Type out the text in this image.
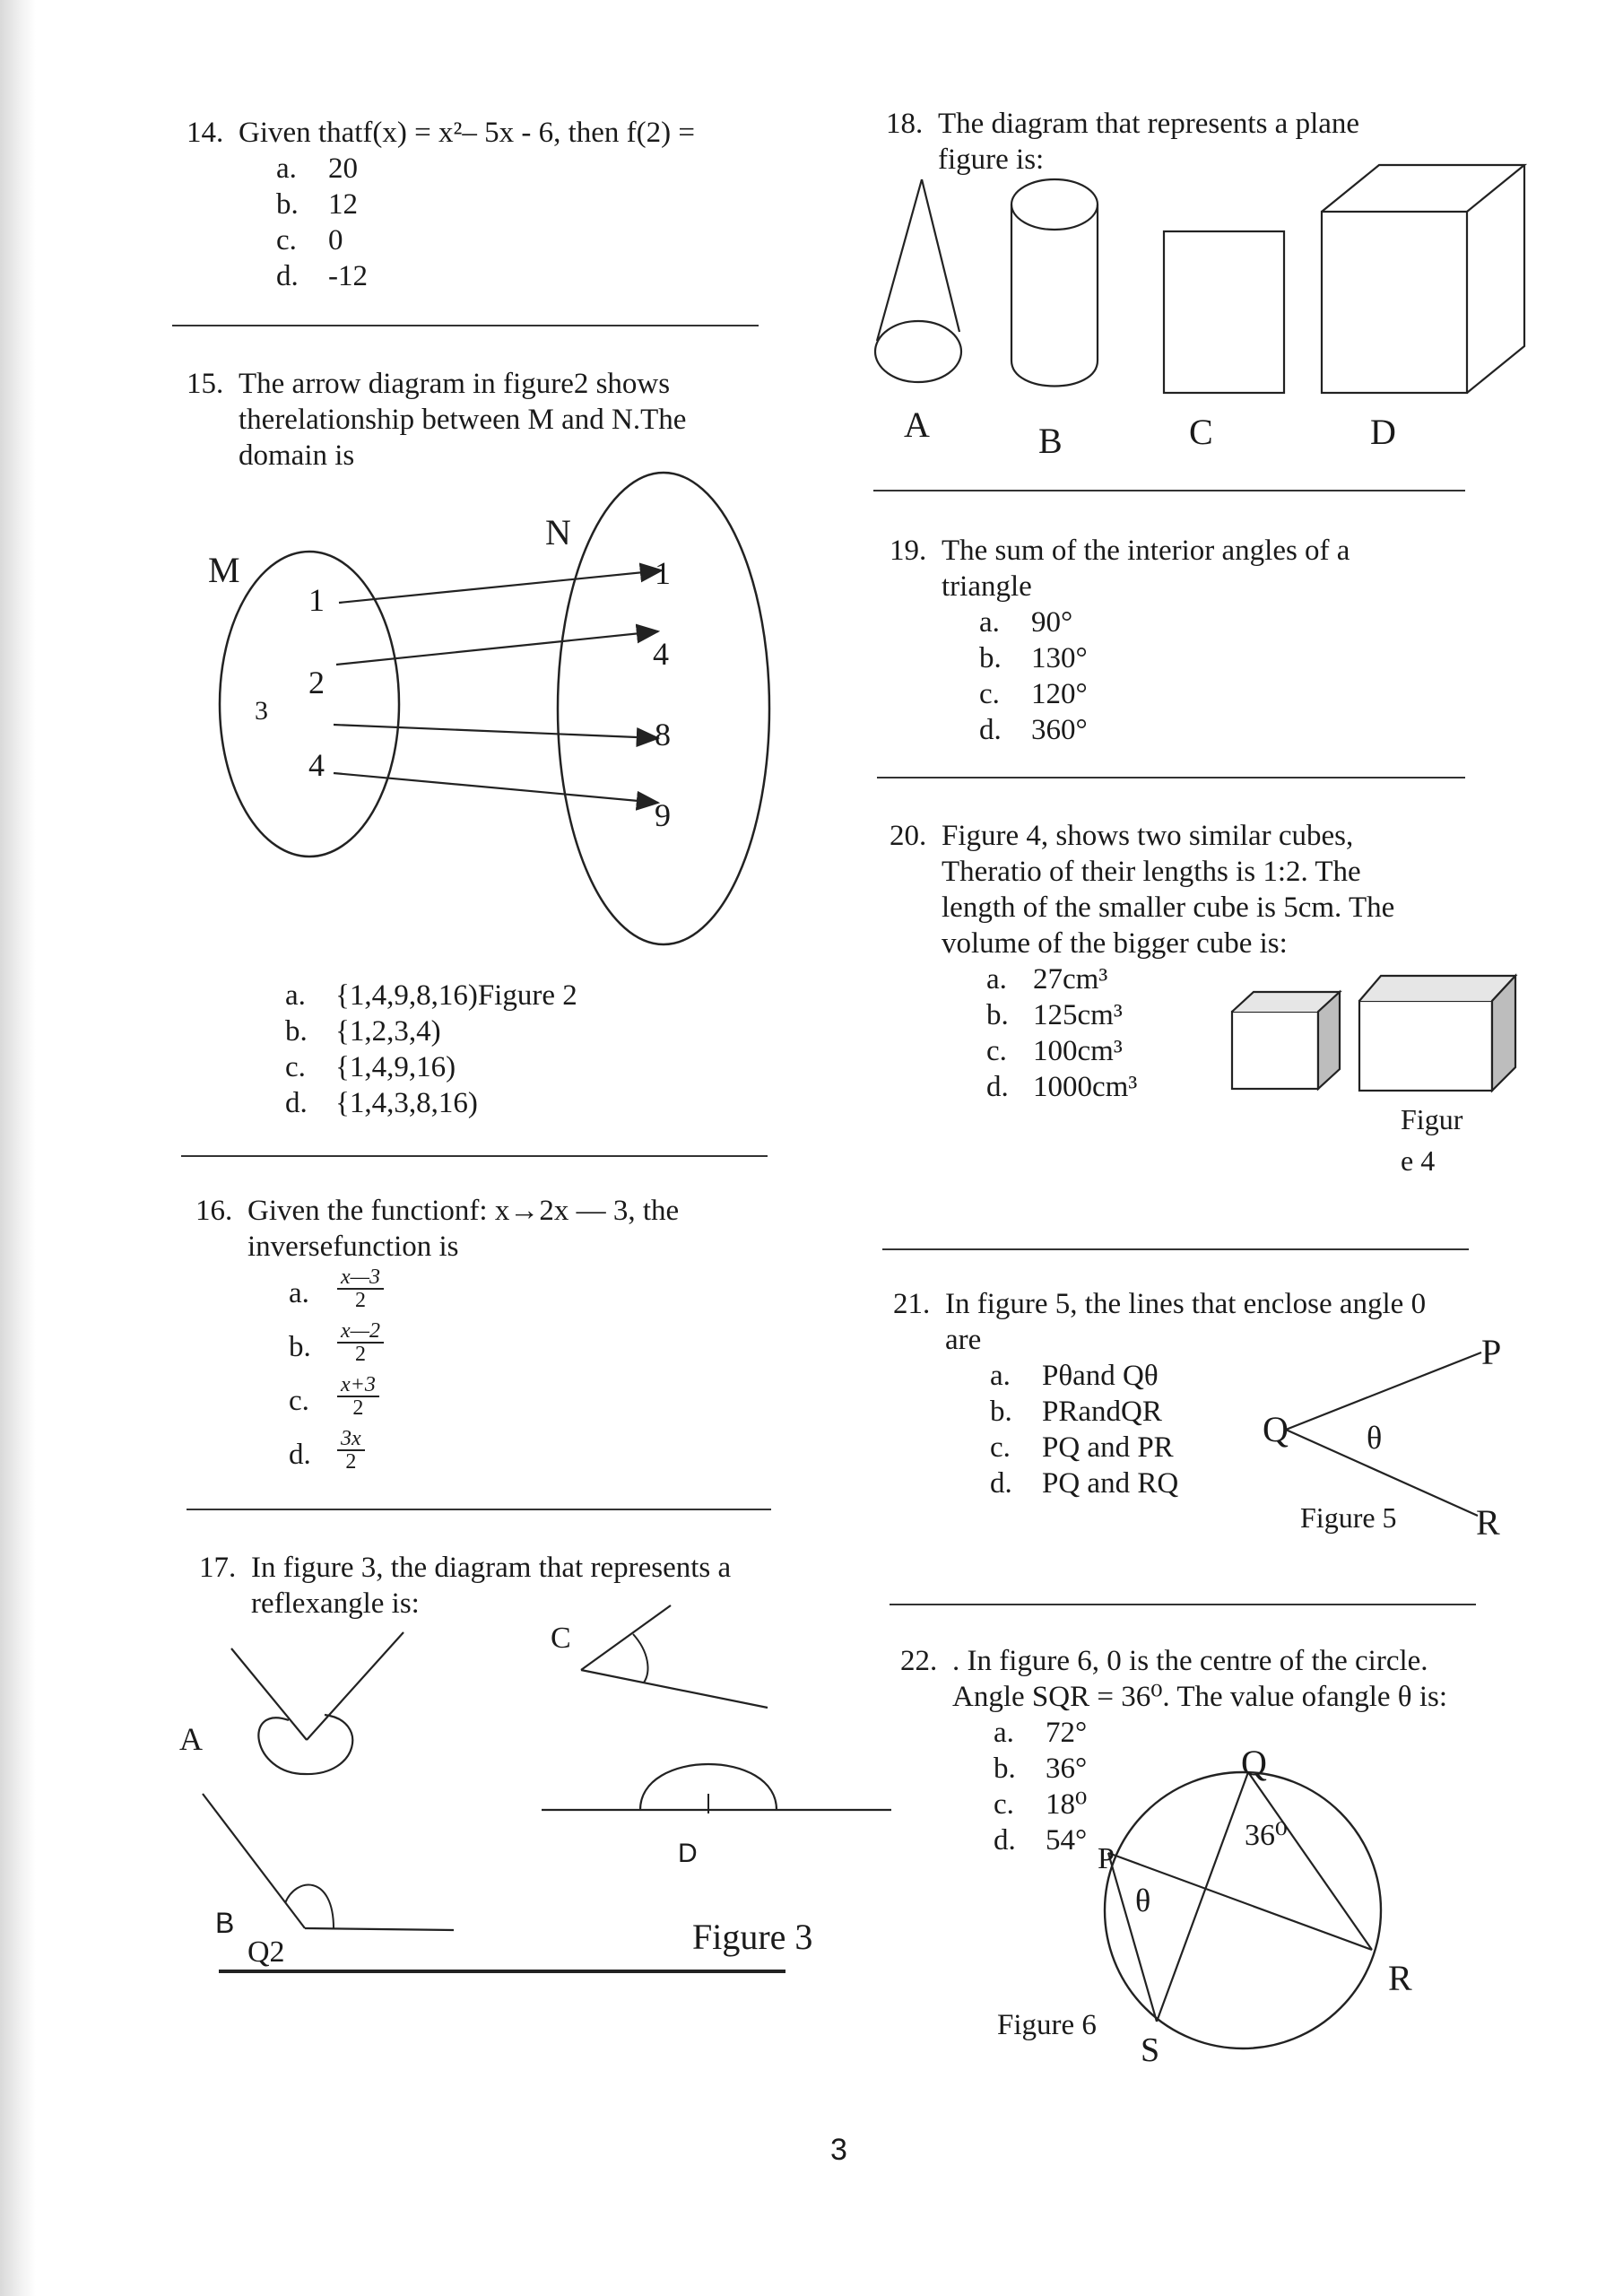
14. Given thatf(x) = x²– 5x - 6, then f(2) =
a.	20
b.	12
c.	0
d.	-12
15. The arrow diagram in figure2 shows
therelationship between M and N.The
domain is
M
N
1
2
3
4
1
4
8
9
a.	{1,4,9,8,16)Figure 2
b. {1,2,3,4)
c.	{1,4,9,16)
d. {1,4,3,8,16)
16. Given the functionf: x→2x — 3, the
inversefunction is
a.	$\frac{x—3}{2}$
b.	$\frac{x—2}{2}$
c.	$\frac{x+3}{2}$
d.	$\frac{3x}{2}$
17. In figure 3, the diagram that represents a
reflexangle is:
A
B
Q2
C
D
Figure 3
18. The diagram that represents a plane
figure is:
A	B	C	D
19. The sum of the interior angles of a
triangle
a.	90°
b.	130°
c.	120°
d.	360°
20. Figure 4, shows two similar cubes,
Theratio of their lengths is 1:2. The
length of the smaller cube is 5cm. The
volume of the bigger cube is:
a. 27cm³
b. 125cm³
c. 100cm³
d. 1000cm³
Figur
e 4
21. In figure 5, the lines that enclose angle 0
are
a.	Pθand Qθ
b.	PRandQR
c.	PQ and PR
d.	PQ and RQ
P
Q θ
R
Figure 5
22. . In figure 6, 0 is the centre of the circle.
Angle SQR = 36⁰. The value ofangle θ is:
a.	72°
b.	36°
c.	18⁰
d.	54°
Q
36⁰
P
θ
R
S
Figure 6
3
